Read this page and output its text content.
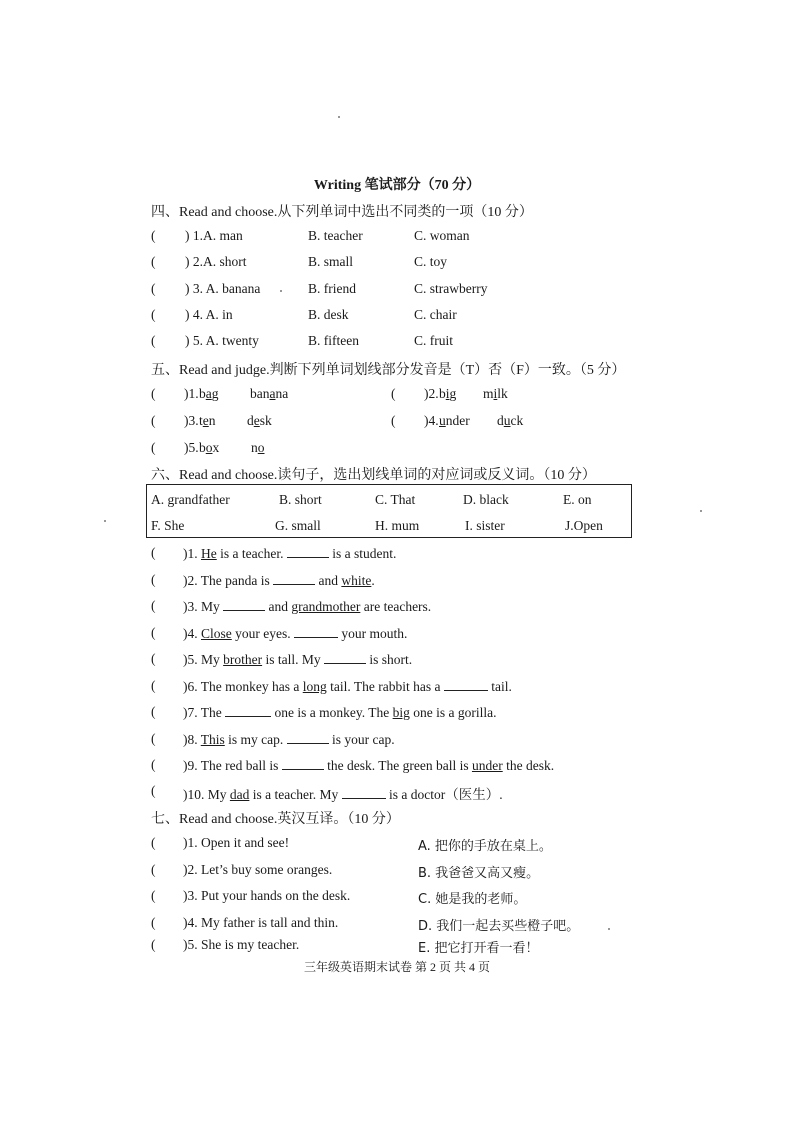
Writing 笔试部分（70 分）
四、Read and choose.从下列单词中选出不同类的一项（10 分）
( ) 1.A. man	B. teacher	C. woman
( ) 2.A. short	B. small	C. toy
( ) 3. A. banana	B. friend	C. strawberry
( ) 4. A. in	B. desk	C. chair
( ) 5. A. twenty	B. fifteen	C. fruit
五、Read and judge.判断下列单词划线部分发音是（T）否（F）一致。（5 分）
( )1. bag banana	( )2. big milk
( )3. ten desk	( )4. under duck
( )5. box no
六、Read and choose.读句子，选出划线单词的对应词或反义词。（10 分）
A. grandfather	B. short	C. That	D. black	E. on
F. She	G. small	H. mum	I. sister	J.Open
( )1. He is a teacher.	is a student.
( )2. The panda is	and white.
( )3. My	and grandmother are teachers.
( )4. Close your eyes.	your mouth.
( )5. My brother is tall. My	is short.
( )6. The monkey has a long tail. The rabbit has a	tail.
( )7. The	one is a monkey. The big one is a gorilla.
( )8. This is my cap.	is your cap.
( )9. The red ball is	the desk. The green ball is under the desk.
( )10. My dad is a teacher. My	is a doctor（医生）.
七、Read and choose.英汉互译。（10 分）
( )1. Open it and see!	A. 把你的手放在桌上。
( )2. Let’s buy some oranges.	B. 我爸爸又高又瘦。
( )3. Put your hands on the desk.	C. 她是我的老师。
( )4. My father is tall and thin.	D. 我们一起去买些橙子吧。
( )5. She is my teacher.	E. 把它打开看一看！
三年级英语期末试卷 第 2 页 共 4 页
